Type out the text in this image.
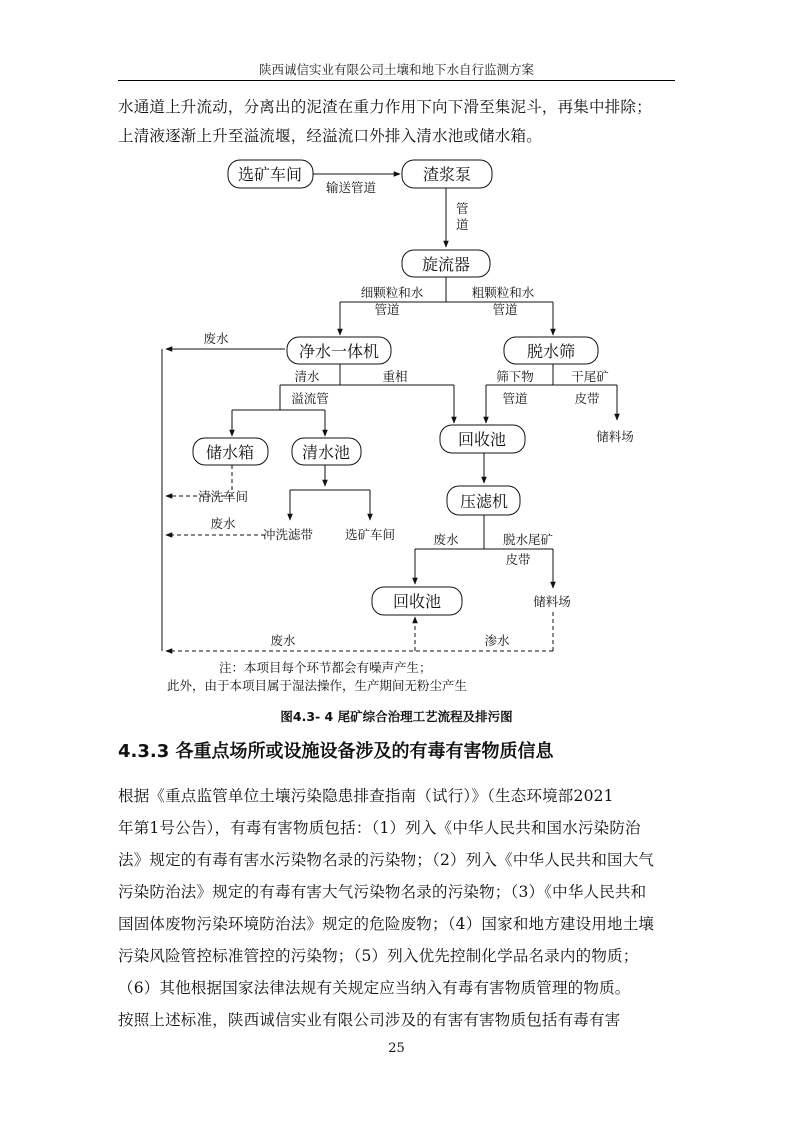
陕西诚信实业有限公司土壤和地下水自行监测方案
水通道上升流动，分离出的泥渣在重力作用下向下滑至集泥斗，再集中排除；
上清液逐渐上升至溢流堰，经溢流口外排入清水池或储水箱。
选矿车间	渣浆泵
旋流器
净水一体机	脱水筛
储水箱	清水池
回收池
压滤机
回收池
输送管道
管
道
细颗粒和水
管道
粗颗粒和水
管道
废水
清水
溢流管
重相	筛下物
管道
干尾矿
皮带
储料场
清洗车间
废水
冲洗滤带	选矿车间	废水	脱水尾矿
皮带
储料场
废水	渗水
注：本项目每个环节都会有噪声产生；
此外，由于本项目属于湿法操作，生产期间无粉尘产生
图4.3- 4 尾矿综合治理工艺流程及排污图
4.3.3 各重点场所或设施设备涉及的有毒有害物质信息
根据《重点监管单位土壤污染隐患排查指南（试行）》（生态环境部2021
年第1号公告），有毒有害物质包括：（1）列入《中华人民共和国水污染防治
法》规定的有毒有害水污染物名录的污染物；（2）列入《中华人民共和国大气
污染防治法》规定的有毒有害大气污染物名录的污染物；（3）《中华人民共和
国固体废物污染环境防治法》规定的危险废物；（4）国家和地方建设用地土壤
污染风险管控标准管控的污染物；（5）列入优先控制化学品名录内的物质；
（6）其他根据国家法律法规有关规定应当纳入有毒有害物质管理的物质。
按照上述标准，陕西诚信实业有限公司涉及的有害有害物质包括有毒有害
25
